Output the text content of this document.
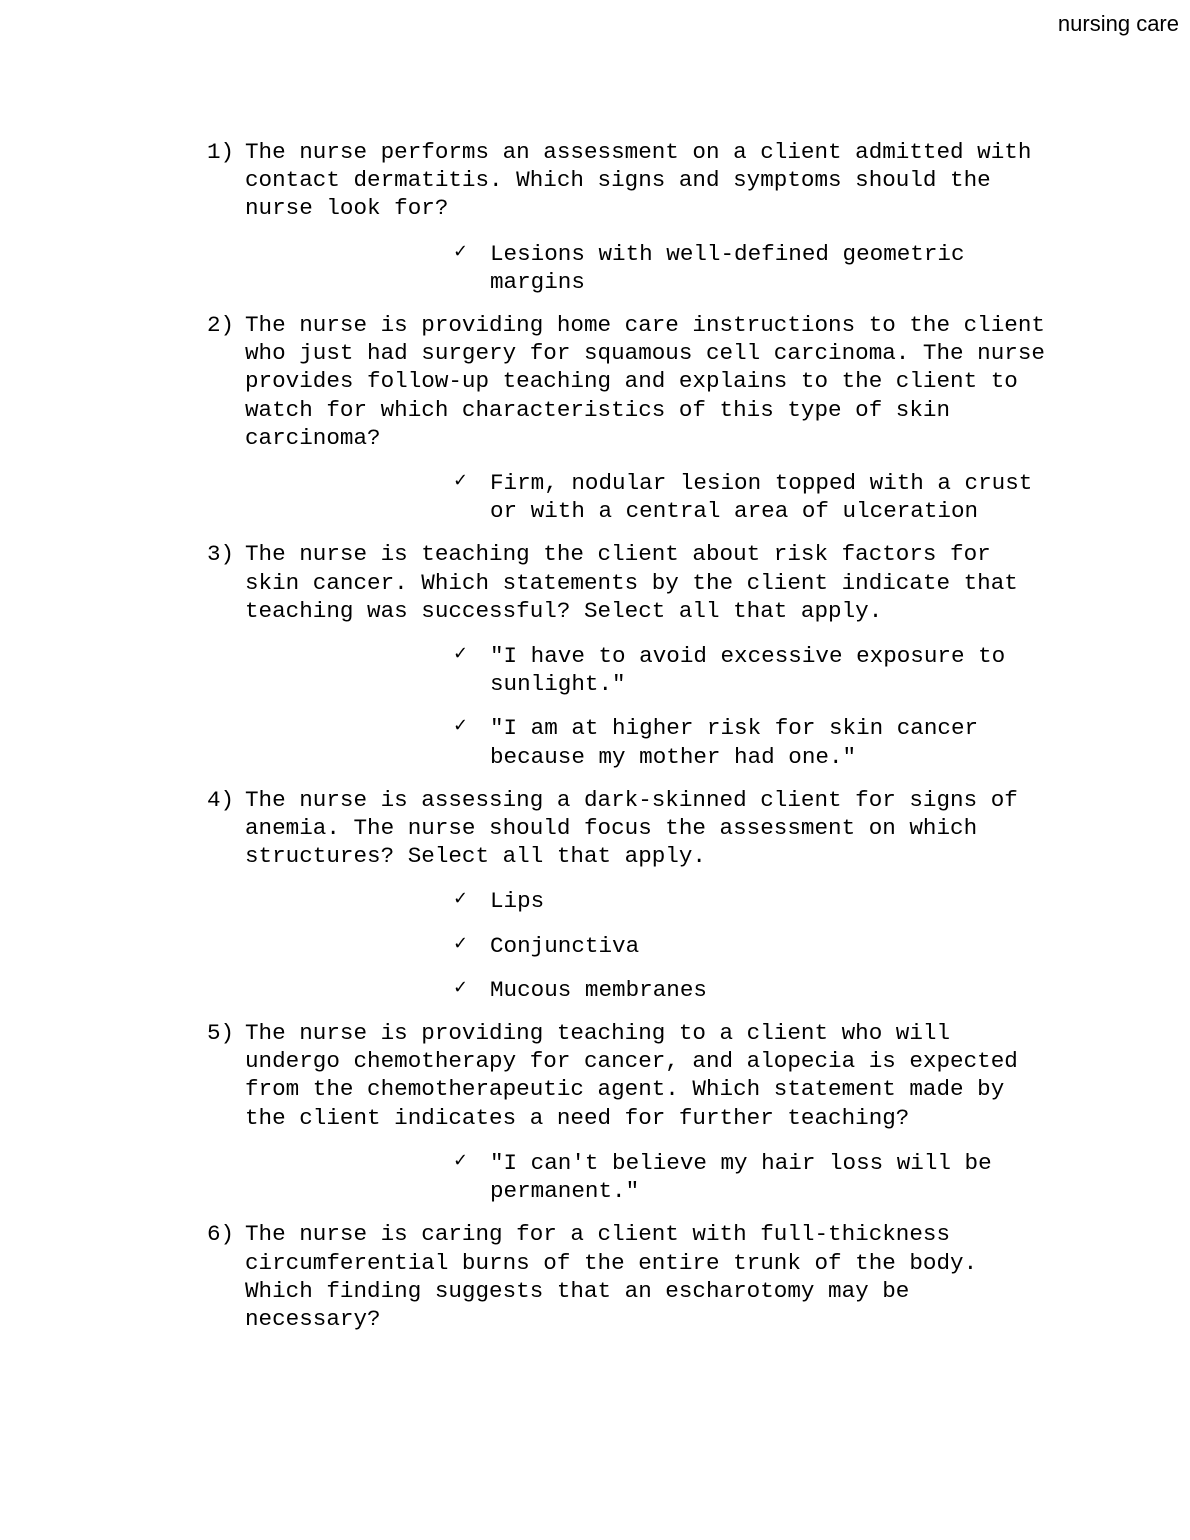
nursing care
1) The nurse performs an assessment on a client admitted with contact dermatitis. Which signs and symptoms should the nurse look for?
✓ Lesions with well-defined geometric margins
2) The nurse is providing home care instructions to the client who just had surgery for squamous cell carcinoma. The nurse provides follow-up teaching and explains to the client to watch for which characteristics of this type of skin carcinoma?
✓ Firm, nodular lesion topped with a crust or with a central area of ulceration
3) The nurse is teaching the client about risk factors for skin cancer. Which statements by the client indicate that teaching was successful? Select all that apply.
✓ "I have to avoid excessive exposure to sunlight."
✓ "I am at higher risk for skin cancer because my mother had one."
4) The nurse is assessing a dark-skinned client for signs of anemia. The nurse should focus the assessment on which structures? Select all that apply.
✓ Lips
✓ Conjunctiva
✓ Mucous membranes
5) The nurse is providing teaching to a client who will undergo chemotherapy for cancer, and alopecia is expected from the chemotherapeutic agent. Which statement made by the client indicates a need for further teaching?
✓ "I can't believe my hair loss will be permanent."
6) The nurse is caring for a client with full-thickness circumferential burns of the entire trunk of the body. Which finding suggests that an escharotomy may be necessary?
